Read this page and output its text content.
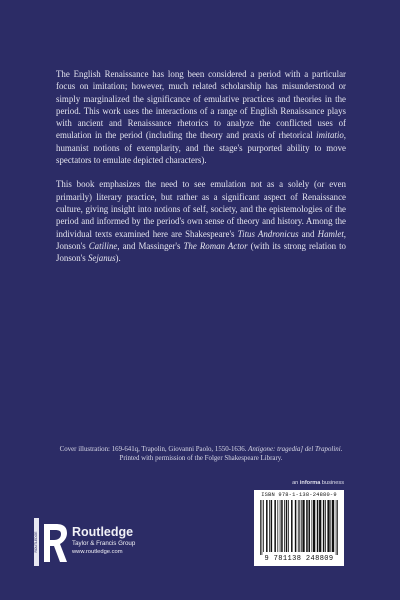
The English Renaissance has long been considered a period with a particular focus on imitation; however, much related scholarship has misunderstood or simply marginalized the significance of emulative practices and theories in the period. This work uses the interactions of a range of English Renaissance plays with ancient and Renaissance rhetorics to analyze the conflicted uses of emulation in the period (including the theory and praxis of rhetorical imitatio, humanist notions of exemplarity, and the stage's purported ability to move spectators to emulate depicted characters).

This book emphasizes the need to see emulation not as a solely (or even primarily) literary practice, but rather as a significant aspect of Renaissance culture, giving insight into notions of self, society, and the epistemologies of the period and informed by the period's own sense of theory and history. Among the individual texts examined here are Shakespeare's Titus Andronicus and Hamlet, Jonson's Catiline, and Massinger's The Roman Actor (with its strong relation to Jonson's Sejanus).

Cover illustration: 169-641q, Trapolin, Giovanni Paolo, 1550-1636. Antigone: tragedia] del Trapolini. Printed with permission of the Folger Shakespeare Library.
an informa business
ISBN 978-1-138-24880-9
9 781138 248809
ROUTLEDGE	Routledge
Taylor & Francis Group
www.routledge.com
